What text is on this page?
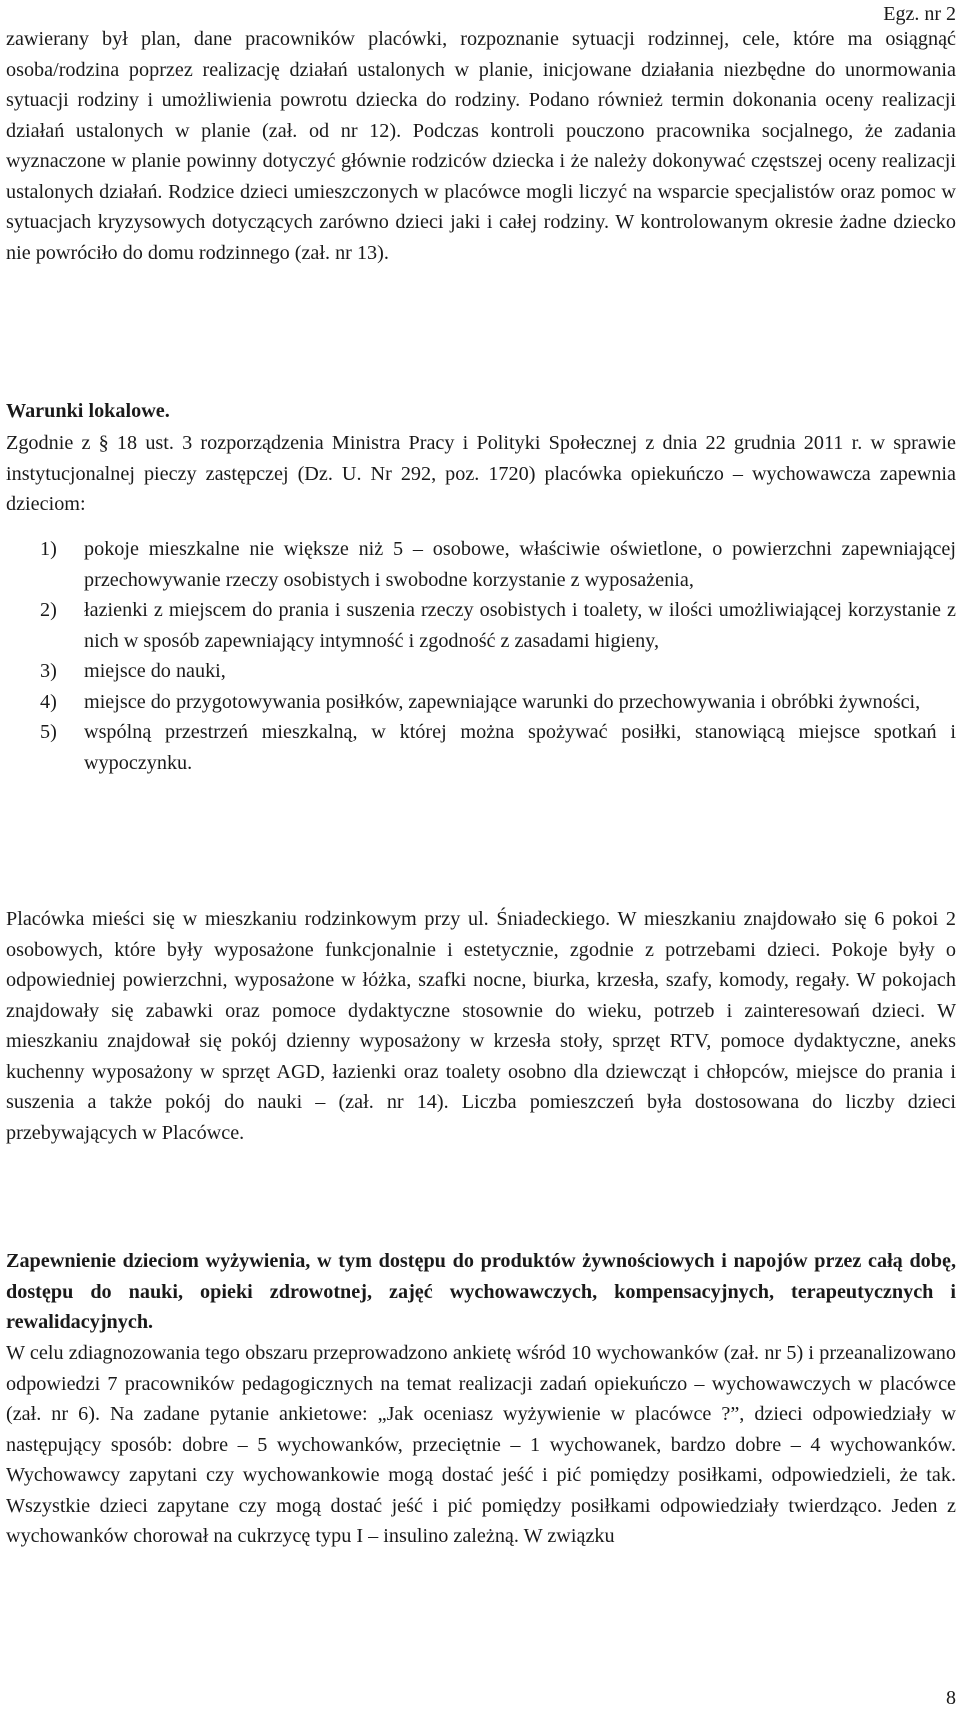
Egz. nr 2

zawierany był plan, dane pracowników placówki, rozpoznanie sytuacji rodzinnej, cele, które ma osiągnąć osoba/rodzina poprzez realizację działań ustalonych w planie, inicjowane działania niezbędne do unormowania sytuacji rodziny i umożliwienia powrotu dziecka do rodziny. Podano również termin dokonania oceny realizacji działań ustalonych w planie (zał. od nr 12). Podczas kontroli pouczono pracownika socjalnego, że zadania wyznaczone w planie powinny dotyczyć głównie rodziców dziecka i że należy dokonywać częstszej oceny realizacji ustalonych działań. Rodzice dzieci umieszczonych w placówce mogli liczyć na wsparcie specjalistów oraz pomoc w sytuacjach kryzysowych dotyczących zarówno dzieci jaki i całej rodziny. W kontrolowanym okresie żadne dziecko nie powróciło do domu rodzinnego (zał. nr 13).

Warunki lokalowe.

Zgodnie z § 18 ust. 3 rozporządzenia Ministra Pracy i Polityki Społecznej z dnia 22 grudnia 2011 r. w sprawie instytucjonalnej pieczy zastępczej (Dz. U. Nr 292, poz. 1720) placówka opiekuńczo – wychowawcza zapewnia dzieciom:

1) pokoje mieszkalne nie większe niż 5 – osobowe, właściwie oświetlone, o powierzchni zapewniającej przechowywanie rzeczy osobistych i swobodne korzystanie z wyposażenia,
2) łazienki z miejscem do prania i suszenia rzeczy osobistych i toalety, w ilości umożliwiającej korzystanie z nich w sposób zapewniający intymność i zgodność z zasadami higieny,
3) miejsce do nauki,
4) miejsce do przygotowywania posiłków, zapewniające warunki do przechowywania i obróbki żywności,
5) wspólną przestrzeń mieszkalną, w której można spożywać posiłki, stanowiącą miejsce spotkań i wypoczynku.

Placówka mieści się w mieszkaniu rodzinkowym przy ul. Śniadeckiego. W mieszkaniu znajdowało się 6 pokoi 2 osobowych, które były wyposażone funkcjonalnie i estetycznie, zgodnie z potrzebami dzieci. Pokoje były o odpowiedniej powierzchni, wyposażone w łóżka, szafki nocne, biurka, krzesła, szafy, komody, regały. W pokojach znajdowały się zabawki oraz pomoce dydaktyczne stosownie do wieku, potrzeb i zainteresowań dzieci. W mieszkaniu znajdował się pokój dzienny wyposażony w krzesła stoły, sprzęt RTV, pomoce dydaktyczne, aneks kuchenny wyposażony w sprzęt AGD, łazienki oraz toalety osobno dla dziewcząt i chłopców, miejsce do prania i suszenia a także pokój do nauki – (zał. nr 14). Liczba pomieszczeń była dostosowana do liczby dzieci przebywających w Placówce.

Zapewnienie dzieciom wyżywienia, w tym dostępu do produktów żywnościowych i napojów przez całą dobę, dostępu do nauki, opieki zdrowotnej, zajęć wychowawczych, kompensacyjnych, terapeutycznych i rewalidacyjnych.

W celu zdiagnozowania tego obszaru przeprowadzono ankietę wśród 10 wychowanków (zał. nr 5) i przeanalizowano odpowiedzi 7 pracowników pedagogicznych na temat realizacji zadań opiekuńczo – wychowawczych w placówce (zał. nr 6). Na zadane pytanie ankietowe: „Jak oceniasz wyżywienie w placówce ?”, dzieci odpowiedziały w następujący sposób: dobre – 5 wychowanków, przeciętnie – 1 wychowanek, bardzo dobre – 4 wychowanków. Wychowawcy zapytani czy wychowankowie mogą dostać jeść i pić pomiędzy posiłkami, odpowiedzieli, że tak. Wszystkie dzieci zapytane czy mogą dostać jeść i pić pomiędzy posiłkami odpowiedziały twierdząco. Jeden z wychowanków chorował na cukrzycę typu I – insulino zależną. W związku

8
